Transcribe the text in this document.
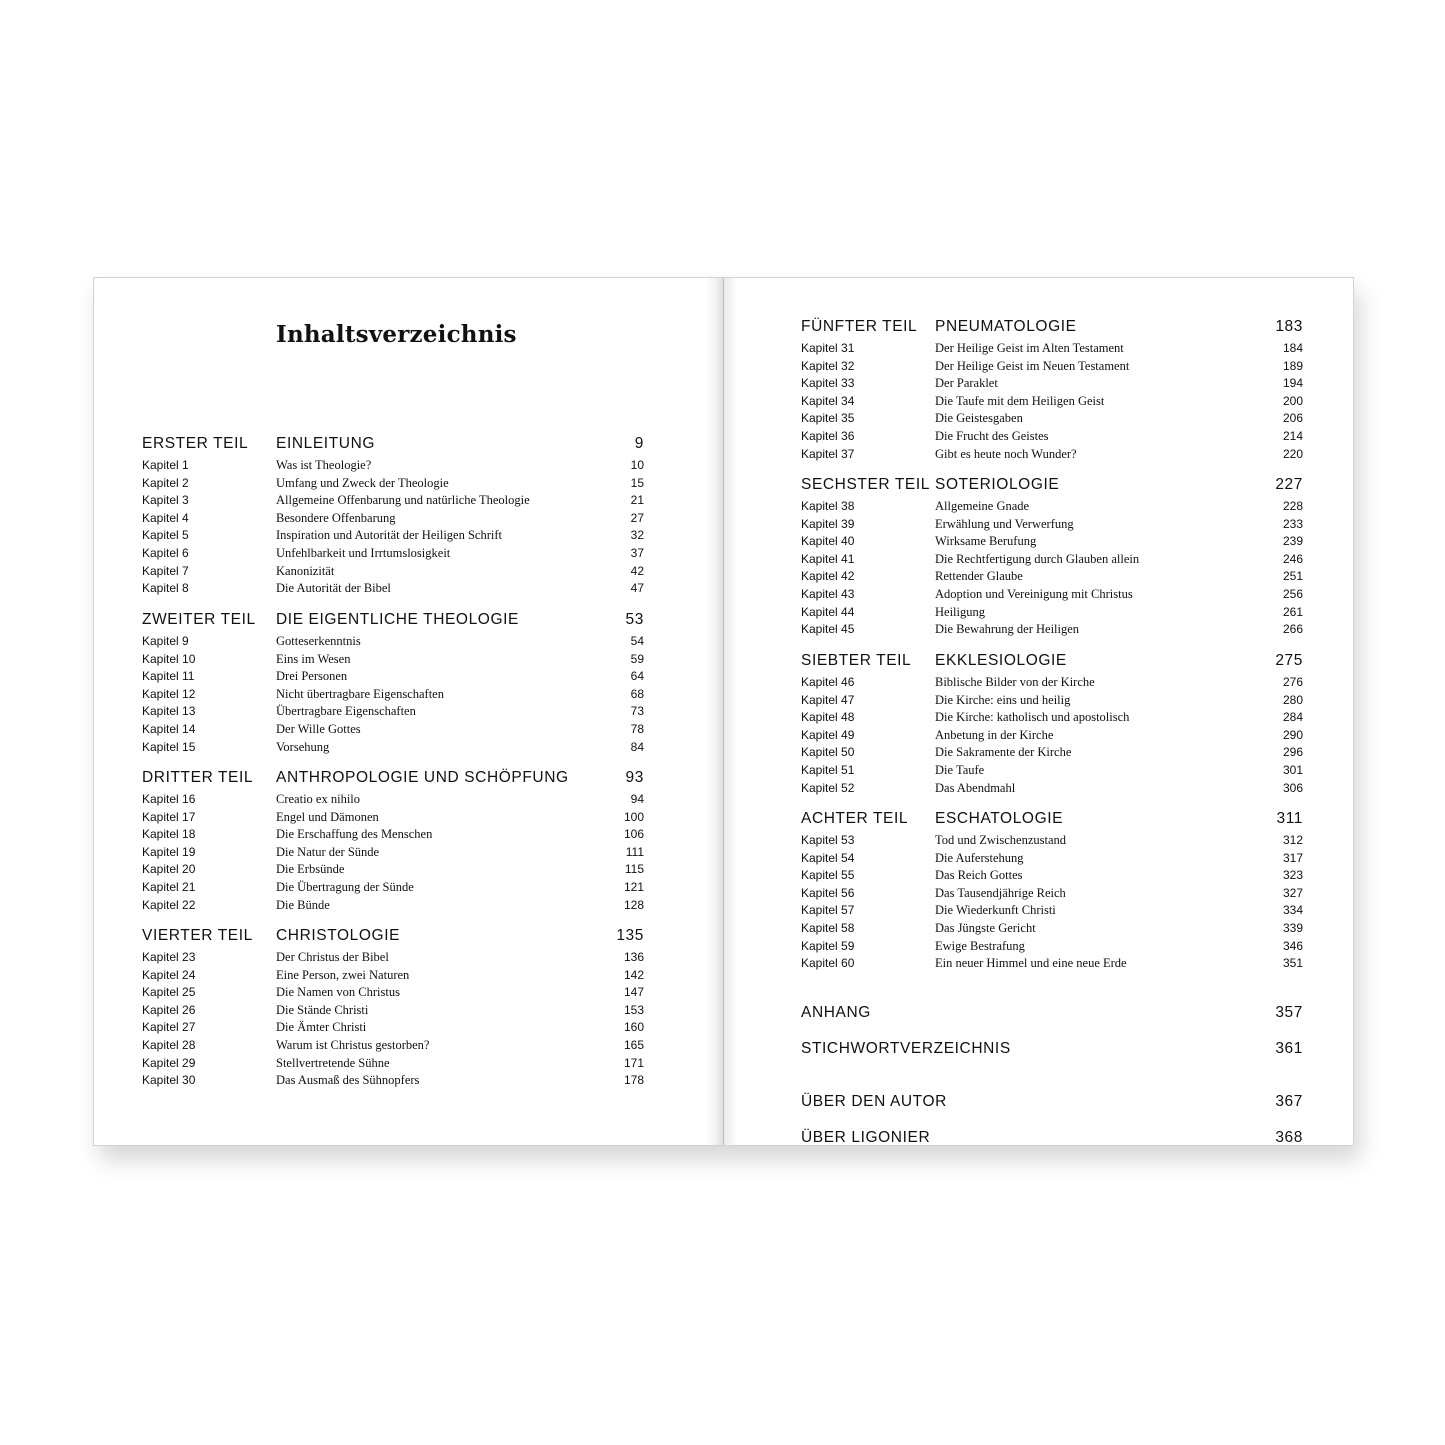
Inhaltsverzeichnis
ERSTER TEIL EINLEITUNG	9
Kapitel 1	Was ist Theologie?	10
Kapitel 2	Umfang und Zweck der Theologie	15
Kapitel 3	Allgemeine Offenbarung und natürliche Theologie	21
Kapitel 4	Besondere Offenbarung	27
Kapitel 5	Inspiration und Autorität der Heiligen Schrift	32
Kapitel 6	Unfehlbarkeit und Irrtumslosigkeit	37
Kapitel 7	Kanonizität	42
Kapitel 8	Die Autorität der Bibel	47
ZWEITER TEIL DIE EIGENTLICHE THEOLOGIE	53
Kapitel 9	Gotteserkenntnis	54
Kapitel 10	Eins im Wesen	59
Kapitel 11	Drei Personen	64
Kapitel 12	Nicht übertragbare Eigenschaften	68
Kapitel 13	Übertragbare Eigenschaften	73
Kapitel 14	Der Wille Gottes	78
Kapitel 15	Vorsehung	84
DRITTER TEIL ANTHROPOLOGIE UND SCHÖPFUNG	93
Kapitel 16	Creatio ex nihilo	94
Kapitel 17	Engel und Dämonen	100
Kapitel 18	Die Erschaffung des Menschen	106
Kapitel 19	Die Natur der Sünde	111
Kapitel 20	Die Erbsünde	115
Kapitel 21	Die Übertragung der Sünde	121
Kapitel 22	Die Bünde	128
VIERTER TEIL CHRISTOLOGIE	135
Kapitel 23	Der Christus der Bibel	136
Kapitel 24	Eine Person, zwei Naturen	142
Kapitel 25	Die Namen von Christus	147
Kapitel 26	Die Stände Christi	153
Kapitel 27	Die Ämter Christi	160
Kapitel 28	Warum ist Christus gestorben?	165
Kapitel 29	Stellvertretende Sühne	171
Kapitel 30	Das Ausmaß des Sühnopfers	178
FÜNFTER TEIL PNEUMATOLOGIE	183
Kapitel 31	Der Heilige Geist im Alten Testament	184
Kapitel 32	Der Heilige Geist im Neuen Testament	189
Kapitel 33	Der Paraklet	194
Kapitel 34	Die Taufe mit dem Heiligen Geist	200
Kapitel 35	Die Geistesgaben	206
Kapitel 36	Die Frucht des Geistes	214
Kapitel 37	Gibt es heute noch Wunder?	220
SECHSTER TEIL SOTERIOLOGIE	227
Kapitel 38	Allgemeine Gnade	228
Kapitel 39	Erwählung und Verwerfung	233
Kapitel 40	Wirksame Berufung	239
Kapitel 41	Die Rechtfertigung durch Glauben allein	246
Kapitel 42	Rettender Glaube	251
Kapitel 43	Adoption und Vereinigung mit Christus	256
Kapitel 44	Heiligung	261
Kapitel 45	Die Bewahrung der Heiligen	266
SIEBTER TEIL EKKLESIOLOGIE	275
Kapitel 46	Biblische Bilder von der Kirche	276
Kapitel 47	Die Kirche: eins und heilig	280
Kapitel 48	Die Kirche: katholisch und apostolisch	284
Kapitel 49	Anbetung in der Kirche	290
Kapitel 50	Die Sakramente der Kirche	296
Kapitel 51	Die Taufe	301
Kapitel 52	Das Abendmahl	306
ACHTER TEIL ESCHATOLOGIE	311
Kapitel 53	Tod und Zwischenzustand	312
Kapitel 54	Die Auferstehung	317
Kapitel 55	Das Reich Gottes	323
Kapitel 56	Das Tausendjährige Reich	327
Kapitel 57	Die Wiederkunft Christi	334
Kapitel 58	Das Jüngste Gericht	339
Kapitel 59	Ewige Bestrafung	346
Kapitel 60	Ein neuer Himmel und eine neue Erde	351
ANHANG	357
STICHWORTVERZEICHNIS	361
ÜBER DEN AUTOR	367
ÜBER LIGONIER	368
